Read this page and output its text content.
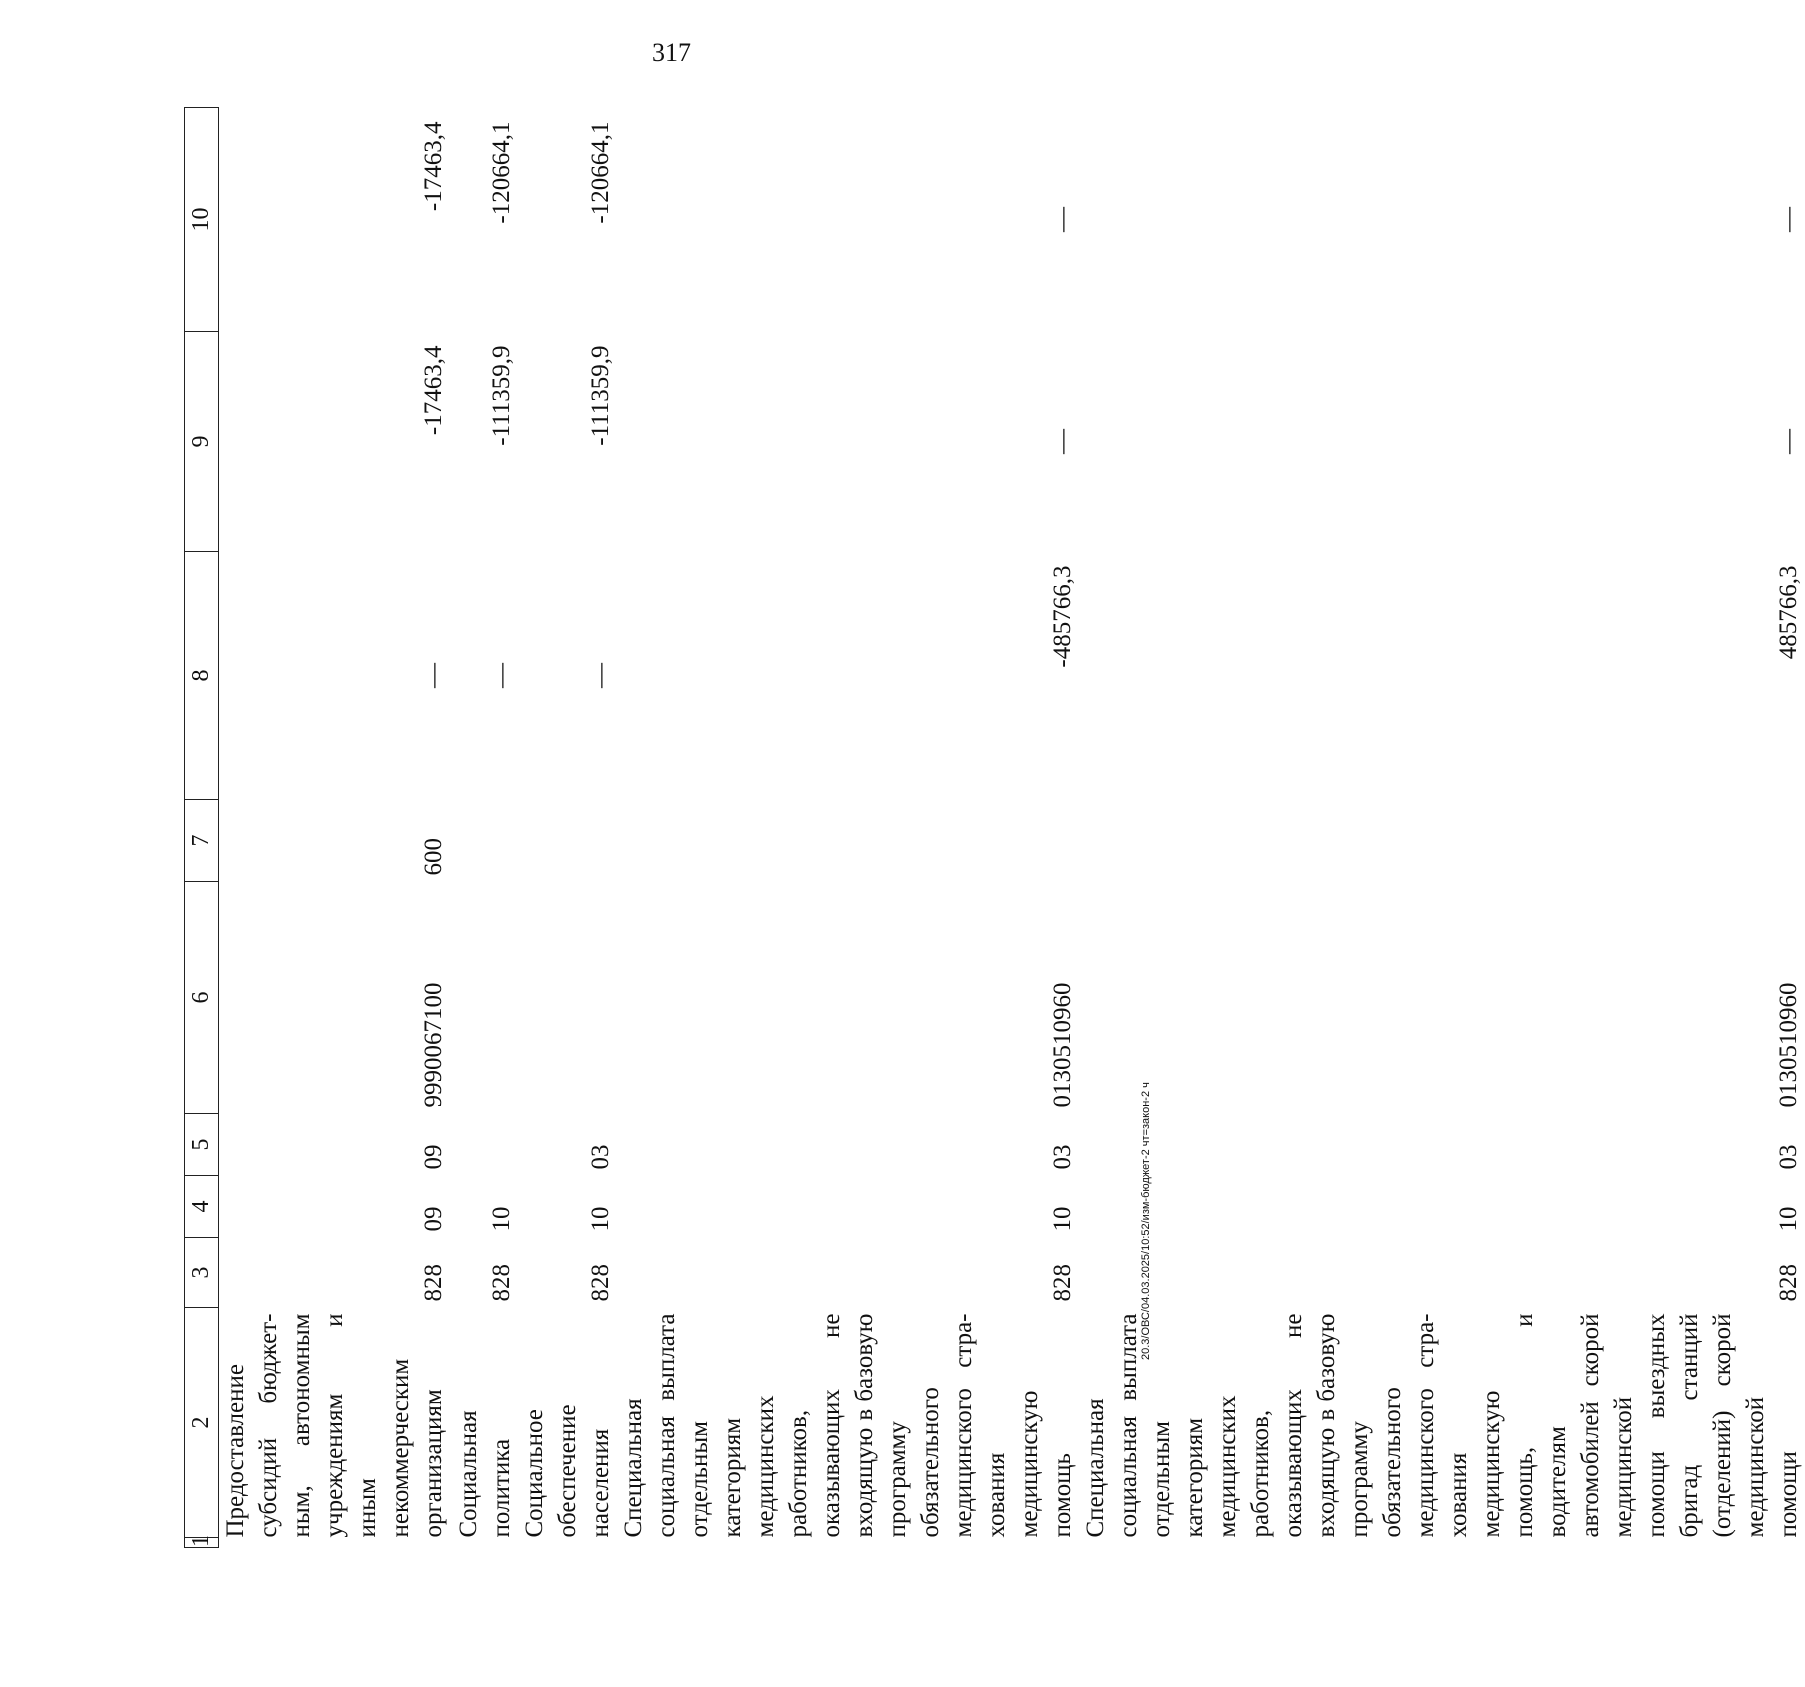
317
20.3/ОВС/04.03.2025/10:52/изм-бюджет-2 чт=закон-2 ч
1	2	3	4	5	6	7	8	9	10
	Предоставление субсидий бюджетным, автономным учреждениям и иным некоммерческим организациям	828	09	09	9990067100	600	—	-17463,4	-17463,4
	Социальная политика	828	10				—	-111359,9	-120664,1
	Социальное обеспечение населения	828	10	03			—	-111359,9	-120664,1
	Специальная социальная выплата отдельным категориям медицинских работников, оказывающих не входящую в базовую программу обязательного медицинского страхования медицинскую помощь	828	10	03	0130510960		-485766,3	—	—
	Специальная социальная выплата отдельным категориям медицинских работников, оказывающих не входящую в базовую программу обязательного медицинского страхования медицинскую помощь, и водителям автомобилей скорой медицинской помощи выездных бригад станций (отделений) скорой медицинской помощи	828	10	03	0130510960		485766,3	—	—
